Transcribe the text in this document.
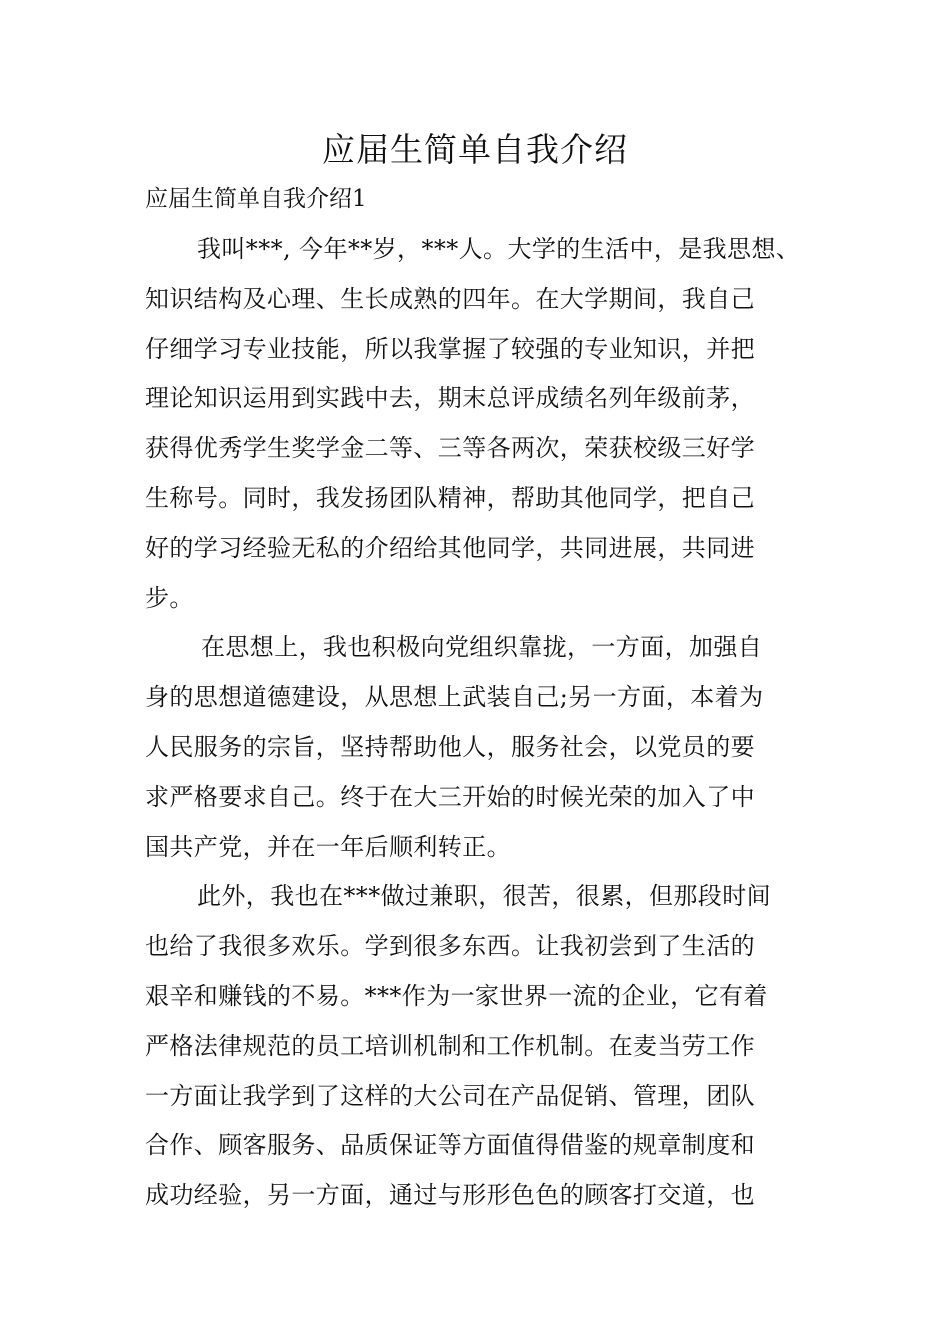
应届生简单自我介绍

应届生简单自我介绍1

我叫***, 今年**岁，***人。大学的生活中，是我思想、
知识结构及心理、生长成熟的四年。在大学期间，我自己
仔细学习专业技能，所以我掌握了较强的专业知识，并把
理论知识运用到实践中去，期末总评成绩名列年级前茅，
获得优秀学生奖学金二等、三等各两次，荣获校级三好学
生称号。同时，我发扬团队精神，帮助其他同学，把自己
好的学习经验无私的介绍给其他同学，共同进展，共同进
步。
在思想上，我也积极向党组织靠拢，一方面，加强自
身的思想道德建设，从思想上武装自己;另一方面，本着为
人民服务的宗旨，坚持帮助他人，服务社会，以党员的要
求严格要求自己。终于在大三开始的时候光荣的加入了中
国共产党，并在一年后顺利转正。
此外，我也在***做过兼职，很苦，很累，但那段时间
也给了我很多欢乐。学到很多东西。让我初尝到了生活的
艰辛和赚钱的不易。***作为一家世界一流的企业，它有着
严格法律规范的员工培训机制和工作机制。在麦当劳工作
一方面让我学到了这样的大公司在产品促销、管理，团队
合作、顾客服务、品质保证等方面值得借鉴的规章制度和
成功经验，另一方面，通过与形形色色的顾客打交道，也
